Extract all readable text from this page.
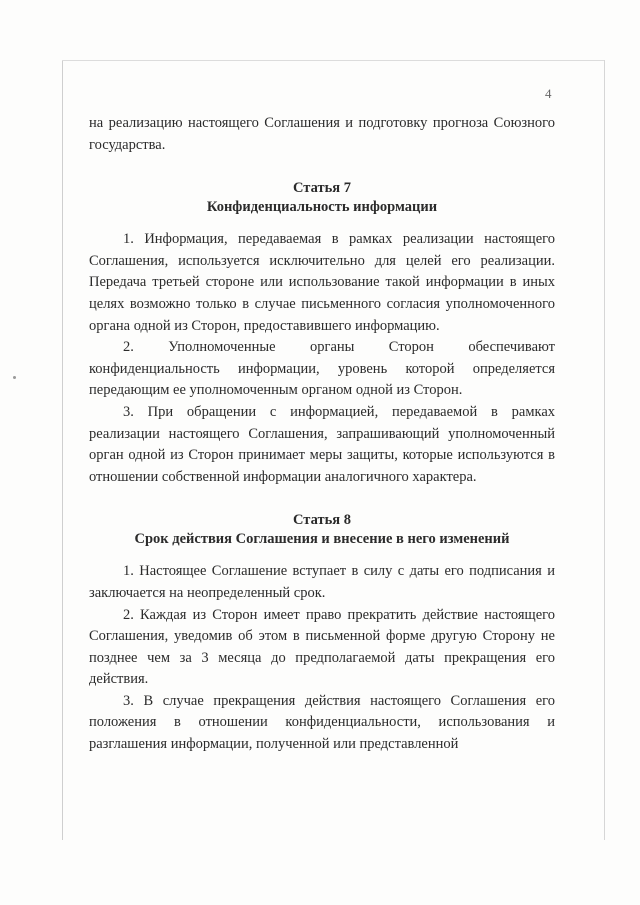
4

на реализацию настоящего Соглашения и подготовку прогноза Союзного государства.

Статья 7
Конфиденциальность информации

1. Информация, передаваемая в рамках реализации настоящего Соглашения, используется исключительно для целей его реализации. Передача третьей стороне или использование такой информации в иных целях возможно только в случае письменного согласия уполномоченного органа одной из Сторон, предоставившего информацию.

2. Уполномоченные органы Сторон обеспечивают конфиденциальность информации, уровень которой определяется передающим ее уполномоченным органом одной из Сторон.

3. При обращении с информацией, передаваемой в рамках реализации настоящего Соглашения, запрашивающий уполномоченный орган одной из Сторон принимает меры защиты, которые используются в отношении собственной информации аналогичного характера.

Статья 8
Срок действия Соглашения и внесение в него изменений

1. Настоящее Соглашение вступает в силу с даты его подписания и заключается на неопределенный срок.

2. Каждая из Сторон имеет право прекратить действие настоящего Соглашения, уведомив об этом в письменной форме другую Сторону не позднее чем за 3 месяца до предполагаемой даты прекращения его действия.

3. В случае прекращения действия настоящего Соглашения его положения в отношении конфиденциальности, использования и разглашения информации, полученной или представленной
